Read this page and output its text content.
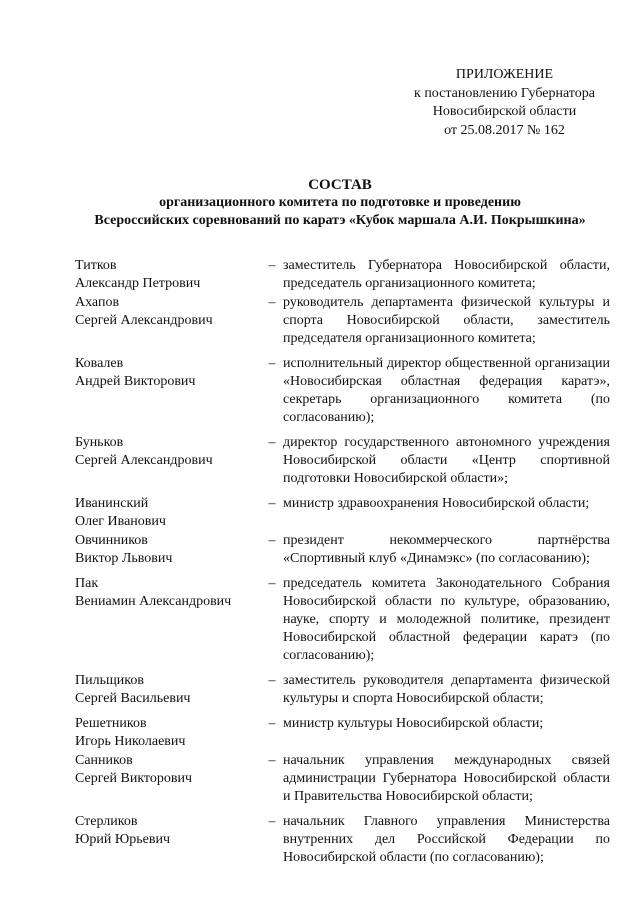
ПРИЛОЖЕНИЕ
к постановлению Губернатора
Новосибирской области
от 25.08.2017 № 162
СОСТАВ
организационного комитета по подготовке и проведению
Всероссийских соревнований по каратэ «Кубок маршала А.И. Покрышкина»
Титков
Александр Петрович
– заместитель Губернатора Новосибирской области, председатель организационного комитета;
Ахапов
Сергей Александрович
– руководитель департамента физической культуры и спорта Новосибирской области, заместитель председателя организационного комитета;
Ковалев
Андрей Викторович
– исполнительный директор общественной организации «Новосибирская областная федерация каратэ», секретарь организационного комитета (по согласованию);
Буньков
Сергей Александрович
– директор государственного автономного учреждения Новосибирской области «Центр спортивной подготовки Новосибирской области»;
Иванинский
Олег Иванович
– министр здравоохранения Новосибирской области;
Овчинников
Виктор Львович
– президент некоммерческого партнёрства «Спортивный клуб «Динамэкс» (по согласованию);
Пак
Вениамин Александрович
– председатель комитета Законодательного Собрания Новосибирской области по культуре, образованию, науке, спорту и молодежной политике, президент Новосибирской областной федерации каратэ (по согласованию);
Пильщиков
Сергей Васильевич
– заместитель руководителя департамента физической культуры и спорта Новосибирской области;
Решетников
Игорь Николаевич
– министр культуры Новосибирской области;
Санников
Сергей Викторович
– начальник управления международных связей администрации Губернатора Новосибирской области и Правительства Новосибирской области;
Стерликов
Юрий Юрьевич
– начальник Главного управления Министерства внутренних дел Российской Федерации по Новосибирской области (по согласованию);
